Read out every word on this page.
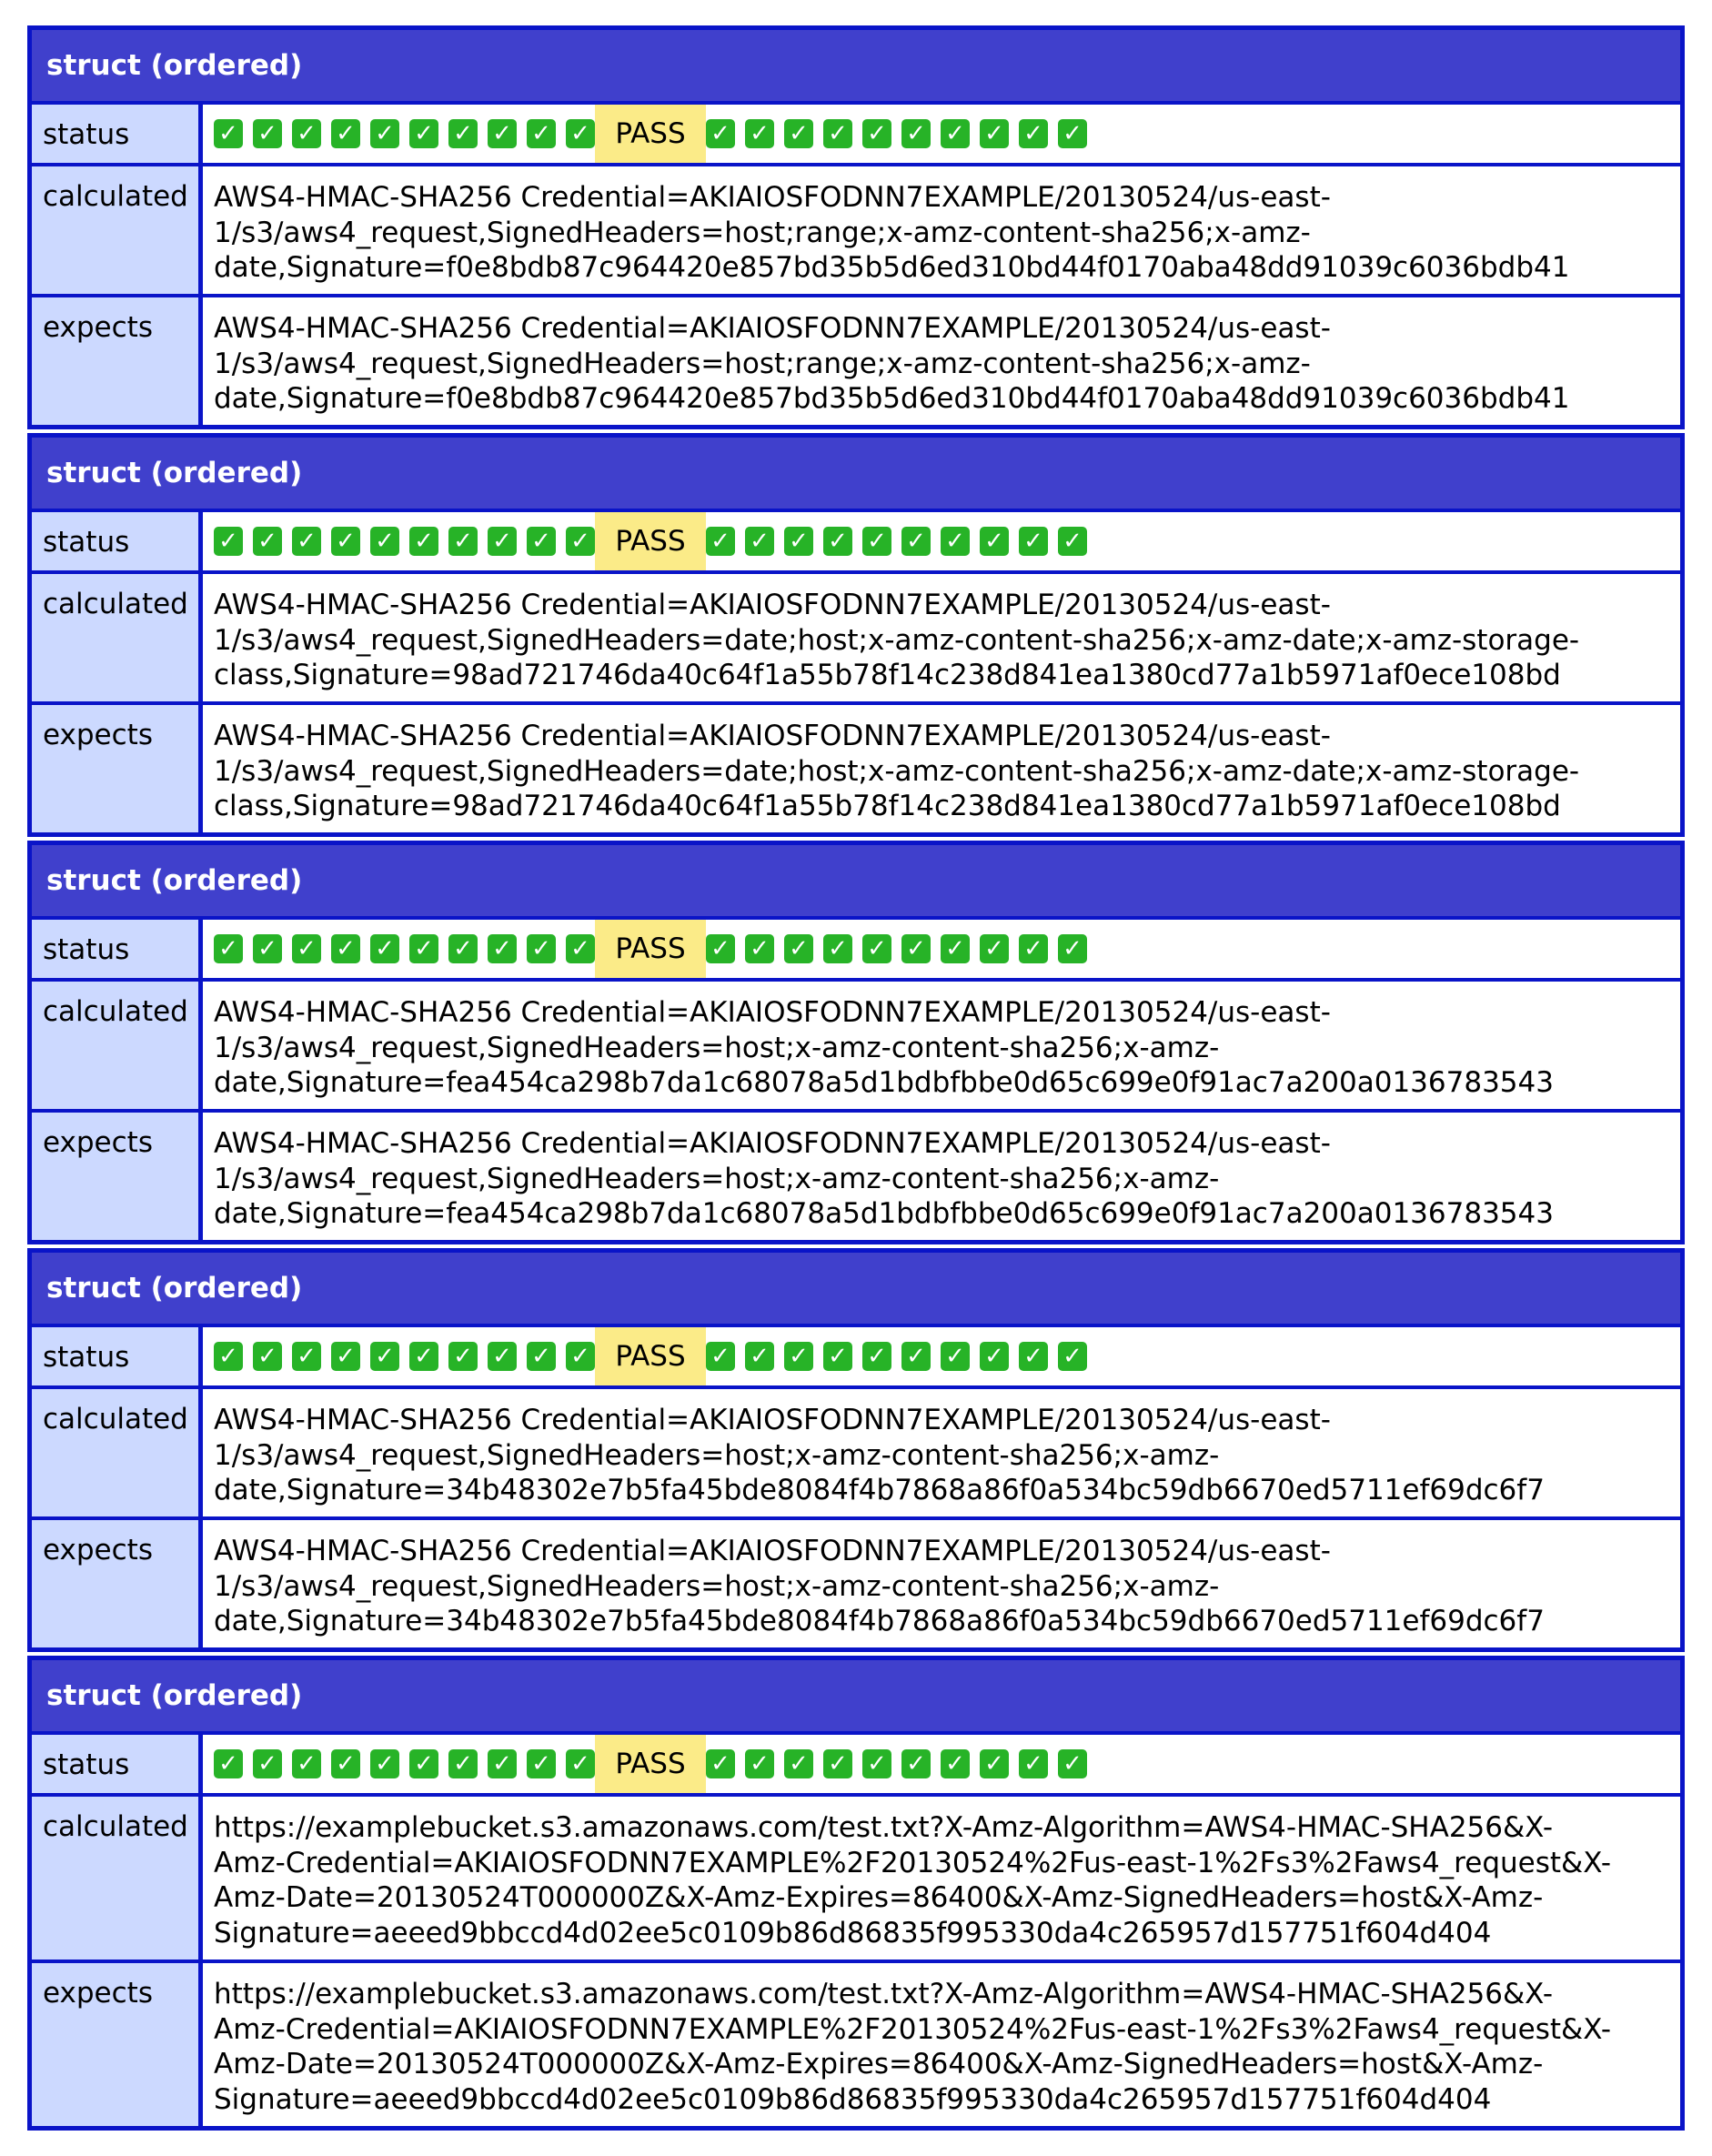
struct (ordered)
status	✓ ✓ ✓ ✓ ✓ ✓ ✓ ✓ ✓ ✓ PASS	✓ ✓ ✓ ✓ ✓ ✓ ✓ ✓ ✓ ✓
calculated AWS4-HMAC-SHA256 Credential=AKIAIOSFODNN7EXAMPLE/20130524/us-east-
1/s3/aws4_request,SignedHeaders=host;range;x-amz-content-sha256;x-amz-
date,Signature=f0e8bdb87c964420e857bd35b5d6ed310bd44f0170aba48dd91039c6036bdb41
expects	AWS4-HMAC-SHA256 Credential=AKIAIOSFODNN7EXAMPLE/20130524/us-east-
1/s3/aws4_request,SignedHeaders=host;range;x-amz-content-sha256;x-amz-
date,Signature=f0e8bdb87c964420e857bd35b5d6ed310bd44f0170aba48dd91039c6036bdb41
struct (ordered)
status	✓ ✓ ✓ ✓ ✓ ✓ ✓ ✓ ✓ ✓ PASS	✓ ✓ ✓ ✓ ✓ ✓ ✓ ✓ ✓ ✓
calculated AWS4-HMAC-SHA256 Credential=AKIAIOSFODNN7EXAMPLE/20130524/us-east-
1/s3/aws4_request,SignedHeaders=date;host;x-amz-content-sha256;x-amz-date;x-amz-storage-
class,Signature=98ad721746da40c64f1a55b78f14c238d841ea1380cd77a1b5971af0ece108bd
expects	AWS4-HMAC-SHA256 Credential=AKIAIOSFODNN7EXAMPLE/20130524/us-east-
1/s3/aws4_request,SignedHeaders=date;host;x-amz-content-sha256;x-amz-date;x-amz-storage-
class,Signature=98ad721746da40c64f1a55b78f14c238d841ea1380cd77a1b5971af0ece108bd
struct (ordered)
status	✓ ✓ ✓ ✓ ✓ ✓ ✓ ✓ ✓ ✓ PASS	✓ ✓ ✓ ✓ ✓ ✓ ✓ ✓ ✓ ✓
calculated AWS4-HMAC-SHA256 Credential=AKIAIOSFODNN7EXAMPLE/20130524/us-east-
1/s3/aws4_request,SignedHeaders=host;x-amz-content-sha256;x-amz-
date,Signature=fea454ca298b7da1c68078a5d1bdbfbbe0d65c699e0f91ac7a200a0136783543
expects	AWS4-HMAC-SHA256 Credential=AKIAIOSFODNN7EXAMPLE/20130524/us-east-
1/s3/aws4_request,SignedHeaders=host;x-amz-content-sha256;x-amz-
date,Signature=fea454ca298b7da1c68078a5d1bdbfbbe0d65c699e0f91ac7a200a0136783543
struct (ordered)
status	✓ ✓ ✓ ✓ ✓ ✓ ✓ ✓ ✓ ✓ PASS	✓ ✓ ✓ ✓ ✓ ✓ ✓ ✓ ✓ ✓
calculated AWS4-HMAC-SHA256 Credential=AKIAIOSFODNN7EXAMPLE/20130524/us-east-
1/s3/aws4_request,SignedHeaders=host;x-amz-content-sha256;x-amz-
date,Signature=34b48302e7b5fa45bde8084f4b7868a86f0a534bc59db6670ed5711ef69dc6f7
expects	AWS4-HMAC-SHA256 Credential=AKIAIOSFODNN7EXAMPLE/20130524/us-east-
1/s3/aws4_request,SignedHeaders=host;x-amz-content-sha256;x-amz-
date,Signature=34b48302e7b5fa45bde8084f4b7868a86f0a534bc59db6670ed5711ef69dc6f7
struct (ordered)
status	✓ ✓ ✓ ✓ ✓ ✓ ✓ ✓ ✓ ✓ PASS	✓ ✓ ✓ ✓ ✓ ✓ ✓ ✓ ✓ ✓
calculated https://examplebucket.s3.amazonaws.com/test.txt?X-Amz-Algorithm=AWS4-HMAC-SHA256&X-
Amz-Credential=AKIAIOSFODNN7EXAMPLE%2F20130524%2Fus-east-1%2Fs3%2Faws4_request&X-
Amz-Date=20130524T000000Z&X-Amz-Expires=86400&X-Amz-SignedHeaders=host&X-Amz-
Signature=aeeed9bbccd4d02ee5c0109b86d86835f995330da4c265957d157751f604d404
expects	https://examplebucket.s3.amazonaws.com/test.txt?X-Amz-Algorithm=AWS4-HMAC-SHA256&X-
Amz-Credential=AKIAIOSFODNN7EXAMPLE%2F20130524%2Fus-east-1%2Fs3%2Faws4_request&X-
Amz-Date=20130524T000000Z&X-Amz-Expires=86400&X-Amz-SignedHeaders=host&X-Amz-
Signature=aeeed9bbccd4d02ee5c0109b86d86835f995330da4c265957d157751f604d404
